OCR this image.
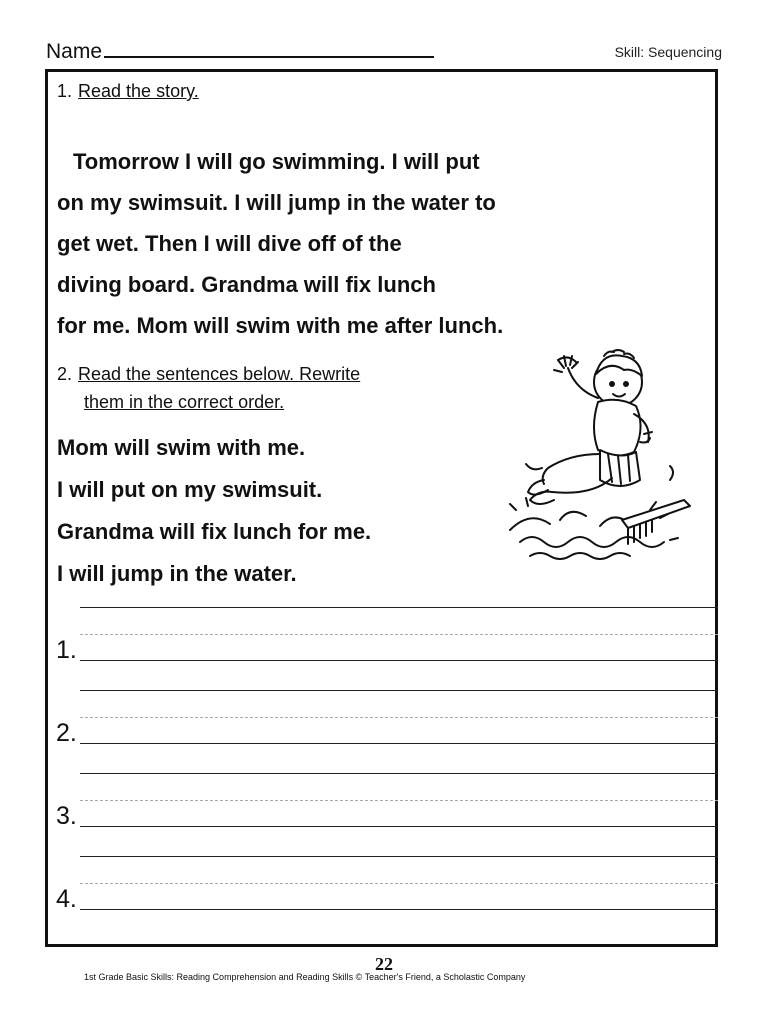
Name	Skill: Sequencing
1. Read the story.

Tomorrow I will go swimming. I will put

on my swimsuit. I will jump in the water to

get wet. Then I will dive off of the

diving board. Grandma will fix lunch

for me. Mom will swim with me after lunch.

2. Read the sentences below. Rewrite
them in the correct order.

Mom will swim with me.

I will put on my swimsuit.

Grandma will fix lunch for me.

I will jump in the water.

1.
2.
3.
4.
22
1st Grade Basic Skills: Reading Comprehension and Reading Skills © Teacher's Friend, a Scholastic Company
